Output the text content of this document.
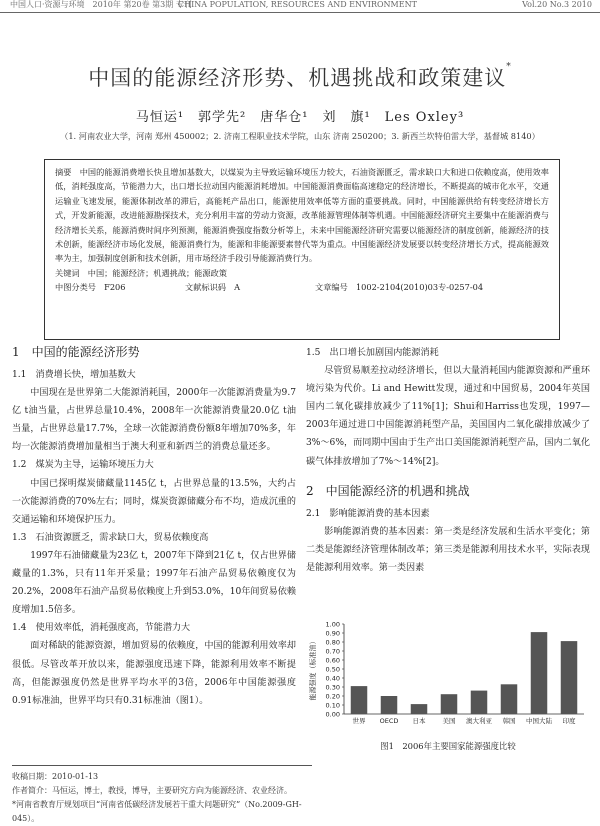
中国人口·资源与环境　2010年 第20卷 第3期 专刊
CHINA POPULATION, RESOURCES AND ENVIRONMENT	Vol.20 No.3 2010
中国的能源经济形势、机遇挑战和政策建议*
马恒运¹　郭学先²　唐华仓¹　刘　旗¹　Les Oxley³
（1. 河南农业大学，河南 郑州 450002；2. 济南工程职业技术学院，山东 济南 250200；3. 新西兰坎特伯雷大学，基督城 8140）
摘要　 中国的能源消费增长快且增加基数大，以煤炭为主导致运输环境压力较大，石油资源匮乏，需求缺口大和进口依赖度高，使用效率低，消耗强度高，节能潜力大，出口增长拉动国内能源消耗增加。中国能源消费面临高速稳定的经济增长，不断提高的城市化水平，交通运输业飞速发展，能源体制改革的滞后，高能耗产品出口，能源使用效率低等方面的重要挑战。同时，中国能源供给有转变经济增长方式，开发新能源，改进能源勘探技术，充分利用丰富的劳动力资源，改革能源管理体制等机遇。中国能源经济研究主要集中在能源消费与经济增长关系，能源消费时间序列预测，能源消费强度指数分析等上，未来中国能源经济研究需要以能源经济的制度创新，能源经济的技术创新，能源经济市场化发展，能源消费行为，能源和非能源要素替代等为重点。中国能源经济发展要以转变经济增长方式，提高能源效率为主，加强制度创新和技术创新，用市场经济手段引导能源消费行为。
关键词　 中国；能源经济；机遇挑战；能源政策
中图分类号　 F206	文献标识码　 A	文章编号　 1002-2104(2010)03专-0257-04
1　中国的能源经济形势
1.1　消费增长快，增加基数大
中国现在是世界第二大能源消耗国，2000年一次能源消费量为9.7亿 t油当量，占世界总量10.4%，2008年一次能源消费量20.0亿 t油当量，占世界总量17.7%，全球一次能源消费份额8年增加70%多，年均一次能源消费增加量相当于澳大利亚和新西兰的消费总量还多。
1.2　煤炭为主导，运输环境压力大
中国已探明煤炭储藏量1145亿 t，占世界总量的13.5%，大约占一次能源消费的70%左右；同时，煤炭资源储藏分布不均，造成沉重的交通运输和环境保护压力。
1.3　石油资源匮乏，需求缺口大，贸易依赖度高
1997年石油储藏量为23亿 t，2007年下降到21亿 t，仅占世界储藏量的1.3%，只有11年开采量；1997年石油产品贸易依赖度仅为20.2%，2008年石油产品贸易依赖度上升到53.0%，10年间贸易依赖度增加1.5倍多。
1.4　使用效率低，消耗强度高，节能潜力大
面对稀缺的能源资源，增加贸易的依赖度，中国的能源利用效率却很低。尽管改革开放以来，能源强度迅速下降，能源利用效率不断提高，但能源强度仍然是世界平均水平的3倍，2006年中国能源强度0.91标准油，世界平均只有0.31标准油（图1）。
1.5　出口增长加剧国内能源消耗
尽管贸易顺差拉动经济增长，但以大量消耗国内能源资源和严重环境污染为代价。Li and Hewitt发现，通过和中国贸易，2004年英国国内二氧化碳排放减少了11%[1]；Shui和Harriss也发现，1997—2003年通过进口中国能源消耗型产品，美国国内二氧化碳排放减少了3%～6%，而同期中国由于生产出口美国能源消耗型产品，国内二氧化碳气体排放增加了7%～14%[2]。
2　中国能源经济的机遇和挑战
2.1　影响能源消费的基本因素
影响能源消费的基本因素：第一类是经济发展和生活水平变化；第二类是能源经济管理体制改革；第三类是能源利用技术水平，实际表现是能源利用效率。第一类因素
0.00
0.10
0.20
0.30
0.40
0.50
0.60
0.70
0.80
0.90
1.00
能源强度（标准油）
世界 OECD 日本	美国 澳大利亚 韩国 中国大陆 印度
图1　2006年主要国家能源强度比较
收稿日期：2010-01-13
作者简介：马恒运，博士，教授，博导，主要研究方向为能源经济、农业经济。
*河南省教育厅规划项目“河南省低碳经济发展若干重大问题研究”（No.2009-GH-045）。
